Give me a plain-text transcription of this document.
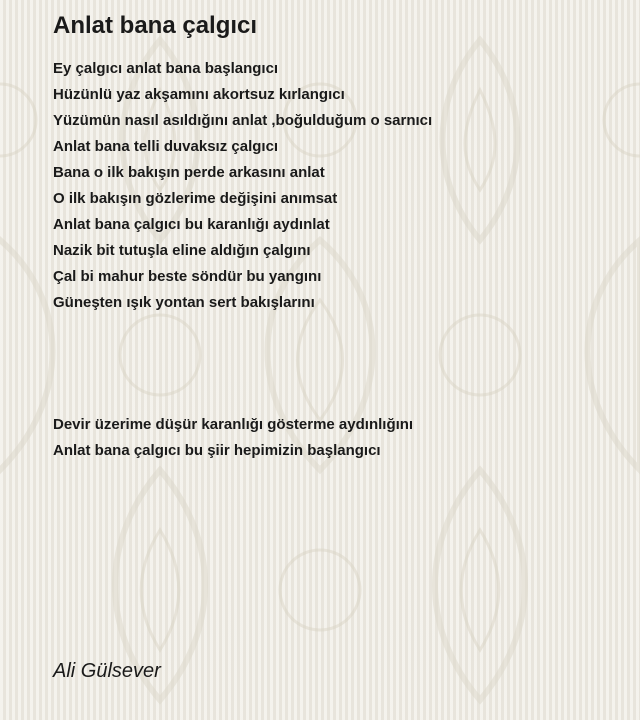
Anlat bana çalgıcı
Ey çalgıcı anlat bana başlangıcı
Hüzünlü yaz akşamını akortsuz kırlangıcı
Yüzümün nasıl asıldığını anlat ,boğulduğum o sarnıcı
Anlat bana telli duvaksız çalgıcı
Bana o ilk bakışın perde arkasını anlat
O ilk bakışın gözlerime değişini anımsat
Anlat bana çalgıcı bu karanlığı aydınlat
Nazik bit tutuşla eline aldığın çalgını
Çal bi mahur beste söndür bu yangını
Güneşten ışık yontan sert bakışlarını
Devir üzerime düşür karanlığı gösterme aydınlığını
Anlat bana çalgıcı bu şiir hepimizin başlangıcı
Ali Gülsever
